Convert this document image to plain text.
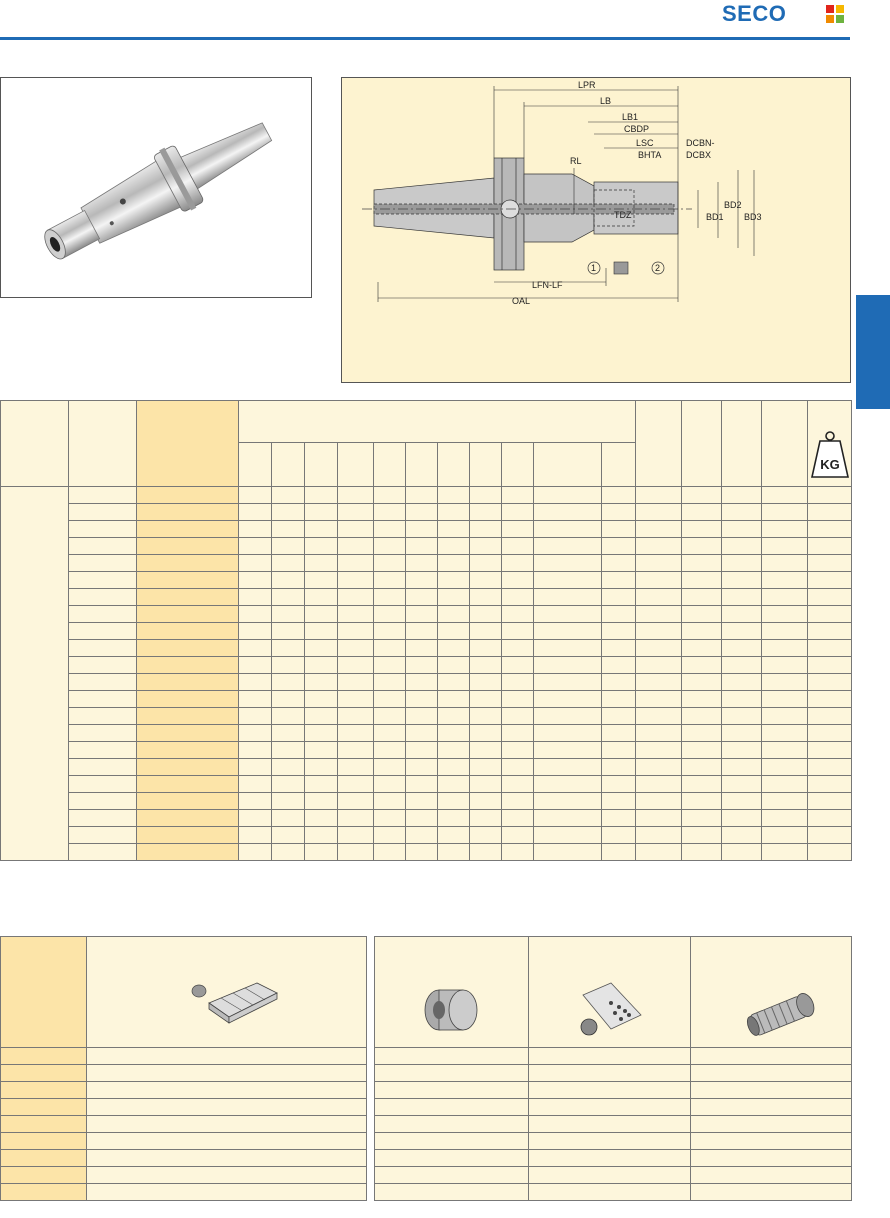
SECO
LPR
LB
LB1
CBDP
LSC
BHTA
DCBN-
DCBX
RL
TDZ	BD1
BD2
BD3
LFN-LF
OAL
1	2

KG
